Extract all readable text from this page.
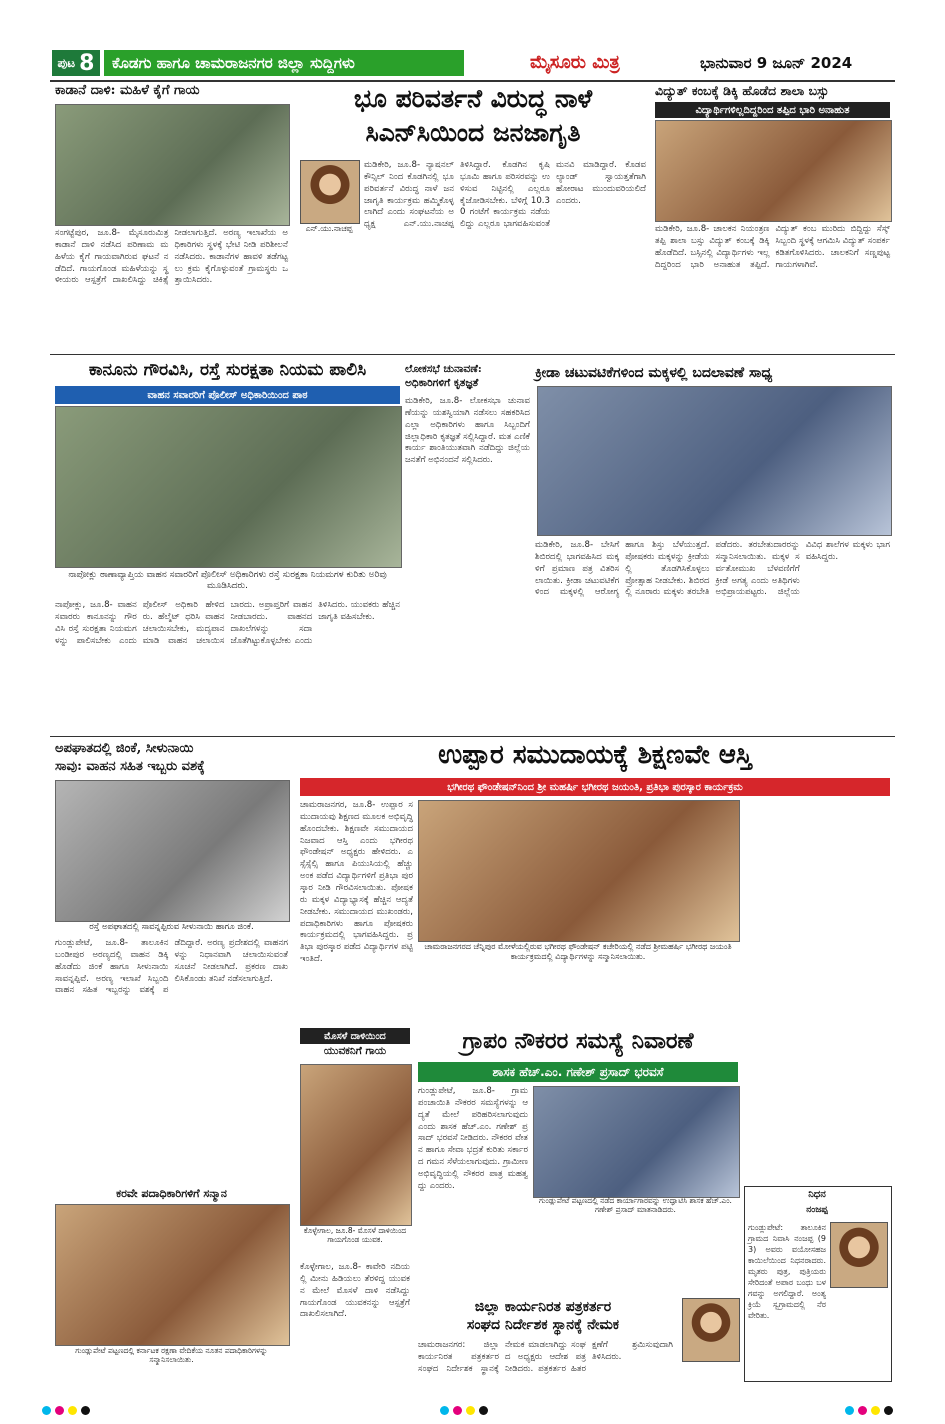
ಪುಟ 8	ಕೊಡಗು ಹಾಗೂ ಚಾಮರಾಜನಗರ ಜಿಲ್ಲಾ ಸುದ್ದಿಗಳು	ಮೈಸೂರು ಮಿತ್ರ	ಭಾನುವಾರ 9 ಜೂನ್ 2024
ಕಾಡಾನೆ ದಾಳಿ: ಮಹಿಳೆ ಕೈಗೆ ಗಾಯ
ಸಂಗಟ್ಟೆಪುರ, ಜೂ.8- ಮೈಸೂರುಮಿತ್ರ ಕಾಡಾನೆ ದಾಳಿ ನಡೆಸಿದ ಪರಿಣಾಮ ಮಹಿಳೆಯ ಕೈಗೆ ಗಾಯವಾಗಿರುವ ಘಟನೆ ನಡೆದಿದೆ. ಗಾಯಗೊಂಡ ಮಹಿಳೆಯನ್ನು ಸ್ಥಳೀಯರು ಆಸ್ಪತ್ರೆಗೆ ದಾಖಲಿಸಿದ್ದು ಚಿಕಿತ್ಸೆ ನೀಡಲಾಗುತ್ತಿದೆ. ಅರಣ್ಯ ಇಲಾಖೆಯ ಅಧಿಕಾರಿಗಳು ಸ್ಥಳಕ್ಕೆ ಭೇಟಿ ನೀಡಿ ಪರಿಶೀಲನೆ ನಡೆಸಿದರು. ಕಾಡಾನೆಗಳ ಹಾವಳಿ ತಡೆಗಟ್ಟಲು ಕ್ರಮ ಕೈಗೊಳ್ಳುವಂತೆ ಗ್ರಾಮಸ್ಥರು ಒತ್ತಾಯಿಸಿದರು.
ಭೂ ಪರಿವರ್ತನೆ ವಿರುದ್ಧ ನಾಳೆ
ಸಿಎನ್‌ಸಿಯಿಂದ ಜನಜಾಗೃತಿ
ಎನ್.ಯು.ನಾಚಪ್ಪ
ಮಡಿಕೇರಿ, ಜೂ.8- ನ್ಯಾಷನಲ್ ಕೌನ್ಸಿಲ್ ನಿಂದ ಕೊಡಗಿನಲ್ಲಿ ಭೂ ಪರಿವರ್ತನೆ ವಿರುದ್ಧ ನಾಳೆ ಜನಜಾಗೃತಿ ಕಾರ್ಯಕ್ರಮ ಹಮ್ಮಿಕೊಳ್ಳಲಾಗಿದೆ ಎಂದು ಸಂಘಟನೆಯ ಅಧ್ಯಕ್ಷ ಎನ್.ಯು.ನಾಚಪ್ಪ ತಿಳಿಸಿದ್ದಾರೆ. ಕೊಡಗಿನ ಕೃಷಿ ಭೂಮಿ ಹಾಗೂ ಪರಿಸರವನ್ನು ಉಳಿಸುವ ನಿಟ್ಟಿನಲ್ಲಿ ಎಲ್ಲರೂ ಕೈಜೋಡಿಸಬೇಕು. ಬೆಳಿಗ್ಗೆ 10.30 ಗಂಟೆಗೆ ಕಾರ್ಯಕ್ರಮ ನಡೆಯಲಿದ್ದು ಎಲ್ಲರೂ ಭಾಗವಹಿಸುವಂತೆ ಮನವಿ ಮಾಡಿದ್ದಾರೆ. ಕೊಡವ ಲ್ಯಾಂಡ್ ಸ್ವಾಯತ್ತತೆಗಾಗಿ ಹೋರಾಟ ಮುಂದುವರಿಯಲಿದೆ ಎಂದರು.
ವಿದ್ಯುತ್ ಕಂಬಕ್ಕೆ ಡಿಕ್ಕಿ ಹೊಡೆದ ಶಾಲಾ ಬಸ್ಸು
ವಿದ್ಯಾರ್ಥಿಗಳಿಲ್ಲದಿದ್ದರಿಂದ ತಪ್ಪಿದ ಭಾರಿ ಅನಾಹುತ
ಮಡಿಕೇರಿ, ಜೂ.8- ಚಾಲಕನ ನಿಯಂತ್ರಣ ತಪ್ಪಿ ಶಾಲಾ ಬಸ್ಸು ವಿದ್ಯುತ್ ಕಂಬಕ್ಕೆ ಡಿಕ್ಕಿ ಹೊಡೆದಿದೆ. ಬಸ್ಸಿನಲ್ಲಿ ವಿದ್ಯಾರ್ಥಿಗಳು ಇಲ್ಲದಿದ್ದರಿಂದ ಭಾರಿ ಅನಾಹುತ ತಪ್ಪಿದೆ. ವಿದ್ಯುತ್ ಕಂಬ ಮುರಿದು ಬಿದ್ದಿದ್ದು ಸೆಸ್ಕ್ ಸಿಬ್ಬಂದಿ ಸ್ಥಳಕ್ಕೆ ಆಗಮಿಸಿ ವಿದ್ಯುತ್ ಸಂಪರ್ಕ ಕಡಿತಗೊಳಿಸಿದರು. ಚಾಲಕನಿಗೆ ಸಣ್ಣಪುಟ್ಟ ಗಾಯಗಳಾಗಿವೆ.
ಕಾನೂನು ಗೌರವಿಸಿ, ರಸ್ತೆ ಸುರಕ್ಷತಾ ನಿಯಮ ಪಾಲಿಸಿ
ವಾಹನ ಸವಾರರಿಗೆ ಪೊಲೀಸ್ ಅಧಿಕಾರಿಯಿಂದ ಪಾಠ
ನಾಪೋಕ್ಲು ಠಾಣಾವ್ಯಾಪ್ತಿಯ ವಾಹನ ಸವಾರರಿಗೆ ಪೊಲೀಸ್ ಅಧಿಕಾರಿಗಳು ರಸ್ತೆ ಸುರಕ್ಷತಾ ನಿಯಮಗಳ ಕುರಿತು ಅರಿವು ಮೂಡಿಸಿದರು.
ನಾಪೋಕ್ಲು, ಜೂ.8- ವಾಹನ ಸವಾರರು ಕಾನೂನನ್ನು ಗೌರವಿಸಿ ರಸ್ತೆ ಸುರಕ್ಷತಾ ನಿಯಮಗಳನ್ನು ಪಾಲಿಸಬೇಕು ಎಂದು ಪೊಲೀಸ್ ಅಧಿಕಾರಿ ಹೇಳಿದರು. ಹೆಲ್ಮೆಟ್ ಧರಿಸಿ ವಾಹನ ಚಲಾಯಿಸಬೇಕು, ಮದ್ಯಪಾನ ಮಾಡಿ ವಾಹನ ಚಲಾಯಿಸಬಾರದು. ಅಪ್ರಾಪ್ತರಿಗೆ ವಾಹನ ನೀಡಬಾರದು. ವಾಹನದ ದಾಖಲೆಗಳನ್ನು ಸದಾ ಜೊತೆಗಿಟ್ಟುಕೊಳ್ಳಬೇಕು ಎಂದು ತಿಳಿಸಿದರು. ಯುವಕರು ಹೆಚ್ಚಿನ ಜಾಗೃತಿ ವಹಿಸಬೇಕು.
ಲೋಕಸಭೆ ಚುನಾವಣೆ:
ಅಧಿಕಾರಿಗಳಿಗೆ ಕೃತಜ್ಞತೆ
ಮಡಿಕೇರಿ, ಜೂ.8- ಲೋಕಸಭಾ ಚುನಾವಣೆಯನ್ನು ಯಶಸ್ವಿಯಾಗಿ ನಡೆಸಲು ಸಹಕರಿಸಿದ ಎಲ್ಲಾ ಅಧಿಕಾರಿಗಳು ಹಾಗೂ ಸಿಬ್ಬಂದಿಗೆ ಜಿಲ್ಲಾಧಿಕಾರಿ ಕೃತಜ್ಞತೆ ಸಲ್ಲಿಸಿದ್ದಾರೆ. ಮತ ಎಣಿಕೆ ಕಾರ್ಯ ಶಾಂತಿಯುತವಾಗಿ ನಡೆದಿದ್ದು ಜಿಲ್ಲೆಯ ಜನತೆಗೆ ಅಭಿನಂದನೆ ಸಲ್ಲಿಸಿದರು.
ಕ್ರೀಡಾ ಚಟುವಟಿಕೆಗಳಿಂದ ಮಕ್ಕಳಲ್ಲಿ ಬದಲಾವಣೆ ಸಾಧ್ಯ
ಮಡಿಕೇರಿ, ಜೂ.8- ಬೇಸಿಗೆ ಶಿಬಿರದಲ್ಲಿ ಭಾಗವಹಿಸಿದ ಮಕ್ಕಳಿಗೆ ಪ್ರಮಾಣ ಪತ್ರ ವಿತರಿಸಲಾಯಿತು. ಕ್ರೀಡಾ ಚಟುವಟಿಕೆಗಳಿಂದ ಮಕ್ಕಳಲ್ಲಿ ಆರೋಗ್ಯ ಹಾಗೂ ಶಿಸ್ತು ಬೆಳೆಯುತ್ತದೆ. ಪೋಷಕರು ಮಕ್ಕಳನ್ನು ಕ್ರೀಡೆಯಲ್ಲಿ ತೊಡಗಿಸಿಕೊಳ್ಳಲು ಪ್ರೋತ್ಸಾಹ ನೀಡಬೇಕು. ಶಿಬಿರದಲ್ಲಿ ನೂರಾರು ಮಕ್ಕಳು ತರಬೇತಿ ಪಡೆದರು. ತರಬೇತುದಾರರನ್ನು ಸನ್ಮಾನಿಸಲಾಯಿತು. ಮಕ್ಕಳ ಸರ್ವತೋಮುಖ ಬೆಳವಣಿಗೆಗೆ ಕ್ರೀಡೆ ಅಗತ್ಯ ಎಂದು ಅತಿಥಿಗಳು ಅಭಿಪ್ರಾಯಪಟ್ಟರು. ಜಿಲ್ಲೆಯ ವಿವಿಧ ಶಾಲೆಗಳ ಮಕ್ಕಳು ಭಾಗವಹಿಸಿದ್ದರು.
ಅಪಘಾತದಲ್ಲಿ ಜಿಂಕೆ, ಸೀಳುನಾಯಿ
ಸಾವು: ವಾಹನ ಸಹಿತ ಇಬ್ಬರು ವಶಕ್ಕೆ
ರಸ್ತೆ ಅಪಘಾತದಲ್ಲಿ ಸಾವನ್ನಪ್ಪಿರುವ ಸೀಳುನಾಯಿ ಹಾಗೂ ಜಿಂಕೆ.
ಗುಂಡ್ಲುಪೇಟೆ, ಜೂ.8- ತಾಲೂಕಿನ ಬಂಡೀಪುರ ಅರಣ್ಯದಲ್ಲಿ ವಾಹನ ಡಿಕ್ಕಿ ಹೊಡೆದು ಜಿಂಕೆ ಹಾಗೂ ಸೀಳುನಾಯಿ ಸಾವನ್ನಪ್ಪಿವೆ. ಅರಣ್ಯ ಇಲಾಖೆ ಸಿಬ್ಬಂದಿ ವಾಹನ ಸಹಿತ ಇಬ್ಬರನ್ನು ವಶಕ್ಕೆ ಪಡೆದಿದ್ದಾರೆ. ಅರಣ್ಯ ಪ್ರದೇಶದಲ್ಲಿ ವಾಹನಗಳನ್ನು ನಿಧಾನವಾಗಿ ಚಲಾಯಿಸುವಂತೆ ಸೂಚನೆ ನೀಡಲಾಗಿದೆ. ಪ್ರಕರಣ ದಾಖಲಿಸಿಕೊಂಡು ತನಿಖೆ ನಡೆಸಲಾಗುತ್ತಿದೆ.
ಉಪ್ಪಾರ ಸಮುದಾಯಕ್ಕೆ ಶಿಕ್ಷಣವೇ ಆಸ್ತಿ
ಭಗೀರಥ ಫೌಂಡೇಷನ್‌ನಿಂದ ಶ್ರೀ ಮಹರ್ಷಿ ಭಗೀರಥ ಜಯಂತಿ, ಪ್ರತಿಭಾ ಪುರಸ್ಕಾರ ಕಾರ್ಯಕ್ರಮ
ಚಾಮರಾಜನಗರ, ಜೂ.8- ಉಪ್ಪಾರ ಸಮುದಾಯವು ಶಿಕ್ಷಣದ ಮೂಲಕ ಅಭಿವೃದ್ಧಿ ಹೊಂದಬೇಕು. ಶಿಕ್ಷಣವೇ ಸಮುದಾಯದ ನಿಜವಾದ ಆಸ್ತಿ ಎಂದು ಭಗೀರಥ ಫೌಂಡೇಷನ್ ಅಧ್ಯಕ್ಷರು ಹೇಳಿದರು. ಎಸ್ಸೆಸ್ಸೆಲ್ಸಿ ಹಾಗೂ ಪಿಯುಸಿಯಲ್ಲಿ ಹೆಚ್ಚು ಅಂಕ ಪಡೆದ ವಿದ್ಯಾರ್ಥಿಗಳಿಗೆ ಪ್ರತಿಭಾ ಪುರಸ್ಕಾರ ನೀಡಿ ಗೌರವಿಸಲಾಯಿತು. ಪೋಷಕರು ಮಕ್ಕಳ ವಿದ್ಯಾಭ್ಯಾಸಕ್ಕೆ ಹೆಚ್ಚಿನ ಆದ್ಯತೆ ನೀಡಬೇಕು. ಸಮುದಾಯದ ಮುಖಂಡರು, ಪದಾಧಿಕಾರಿಗಳು ಹಾಗೂ ಪೋಷಕರು ಕಾರ್ಯಕ್ರಮದಲ್ಲಿ ಭಾಗವಹಿಸಿದ್ದರು. ಪ್ರತಿಭಾ ಪುರಸ್ಕಾರ ಪಡೆದ ವಿದ್ಯಾರ್ಥಿಗಳ ಪಟ್ಟಿ ಇಂತಿದೆ.
ಚಾಮರಾಜನಗರದ ಚೆನ್ನಿಪುರ ಮೋಳೆಯಲ್ಲಿರುವ ಭಗೀರಥ ಫೌಂಡೇಷನ್ ಕಚೇರಿಯಲ್ಲಿ ನಡೆದ ಶ್ರೀಮಹರ್ಷಿ ಭಗೀರಥ ಜಯಂತಿ ಕಾರ್ಯಕ್ರಮದಲ್ಲಿ ವಿದ್ಯಾರ್ಥಿಗಳನ್ನು ಸನ್ಮಾನಿಸಲಾಯಿತು.
ಮೊಸಳೆ ದಾಳಿಯಿಂದ
ಯುವಕನಿಗೆ ಗಾಯ
ಕೊಳ್ಳೇಗಾಲ, ಜೂ.8- ಮೊಸಳೆ ದಾಳಿಯಿಂದ ಗಾಯಗೊಂಡ ಯುವಕ.
ಕೊಳ್ಳೇಗಾಲ, ಜೂ.8- ಕಾವೇರಿ ನದಿಯಲ್ಲಿ ಮೀನು ಹಿಡಿಯಲು ತೆರಳಿದ್ದ ಯುವಕನ ಮೇಲೆ ಮೊಸಳೆ ದಾಳಿ ನಡೆಸಿದ್ದು ಗಾಯಗೊಂಡ ಯುವಕನನ್ನು ಆಸ್ಪತ್ರೆಗೆ ದಾಖಲಿಸಲಾಗಿದೆ.
ಗ್ರಾಪಂ ನೌಕರರ ಸಮಸ್ಯೆ ನಿವಾರಣೆ
ಶಾಸಕ ಹೆಚ್.ಎಂ. ಗಣೇಶ್ ಪ್ರಸಾದ್ ಭರವಸೆ
ಗುಂಡ್ಲುಪೇಟೆ, ಜೂ.8- ಗ್ರಾಮ ಪಂಚಾಯಿತಿ ನೌಕರರ ಸಮಸ್ಯೆಗಳನ್ನು ಆದ್ಯತೆ ಮೇಲೆ ಪರಿಹರಿಸಲಾಗುವುದು ಎಂದು ಶಾಸಕ ಹೆಚ್.ಎಂ. ಗಣೇಶ್ ಪ್ರಸಾದ್ ಭರವಸೆ ನೀಡಿದರು. ನೌಕರರ ವೇತನ ಹಾಗೂ ಸೇವಾ ಭದ್ರತೆ ಕುರಿತು ಸರ್ಕಾರದ ಗಮನ ಸೆಳೆಯಲಾಗುವುದು. ಗ್ರಾಮೀಣ ಅಭಿವೃದ್ಧಿಯಲ್ಲಿ ನೌಕರರ ಪಾತ್ರ ಮಹತ್ವದ್ದು ಎಂದರು.
ಗುಂಡ್ಲುಪೇಟೆ ಪಟ್ಟಣದಲ್ಲಿ ನಡೆದ ಕಾರ್ಯಾಗಾರವನ್ನು ಉದ್ಘಾಟಿಸಿ ಶಾಸಕ ಹೆಚ್.ಎಂ. ಗಣೇಶ್ ಪ್ರಸಾದ್ ಮಾತನಾಡಿದರು.
ಜಿಲ್ಲಾ ಕಾರ್ಯನಿರತ ಪತ್ರಕರ್ತರ
ಸಂಘದ ನಿರ್ದೇಶಕ ಸ್ಥಾನಕ್ಕೆ ನೇಮಕ
ಚಾಮರಾಜನಗರ: ಜಿಲ್ಲಾ ಕಾರ್ಯನಿರತ ಪತ್ರಕರ್ತರ ಸಂಘದ ನಿರ್ದೇಶಕ ಸ್ಥಾನಕ್ಕೆ ನೇಮಕ ಮಾಡಲಾಗಿದ್ದು ಸಂಘದ ಅಧ್ಯಕ್ಷರು ಆದೇಶ ಪತ್ರ ನೀಡಿದರು. ಪತ್ರಕರ್ತರ ಹಿತರಕ್ಷಣೆಗೆ ಶ್ರಮಿಸುವುದಾಗಿ ತಿಳಿಸಿದರು.
ಕರವೇ ಪದಾಧಿಕಾರಿಗಳಿಗೆ ಸನ್ಮಾನ
ಗುಂಡ್ಲುಪೇಟೆ ಪಟ್ಟಣದಲ್ಲಿ ಕರ್ನಾಟಕ ರಕ್ಷಣಾ ವೇದಿಕೆಯ ನೂತನ ಪದಾಧಿಕಾರಿಗಳನ್ನು ಸನ್ಮಾನಿಸಲಾಯಿತು.
ನಿಧನ
ನಂಜಪ್ಪ
ಗುಂಡ್ಲುಪೇಟೆ: ತಾಲೂಕಿನ ಗ್ರಾಮದ ನಿವಾಸಿ ನಂಜಪ್ಪ (93) ಅವರು ವಯೋಸಹಜ ಕಾಯಿಲೆಯಿಂದ ನಿಧನರಾದರು. ಮೃತರು ಪುತ್ರ, ಪುತ್ರಿಯರು ಸೇರಿದಂತೆ ಅಪಾರ ಬಂಧು ಬಳಗವನ್ನು ಅಗಲಿದ್ದಾರೆ. ಅಂತ್ಯಕ್ರಿಯೆ ಸ್ವಗ್ರಾಮದಲ್ಲಿ ನೆರವೇರಿತು.
